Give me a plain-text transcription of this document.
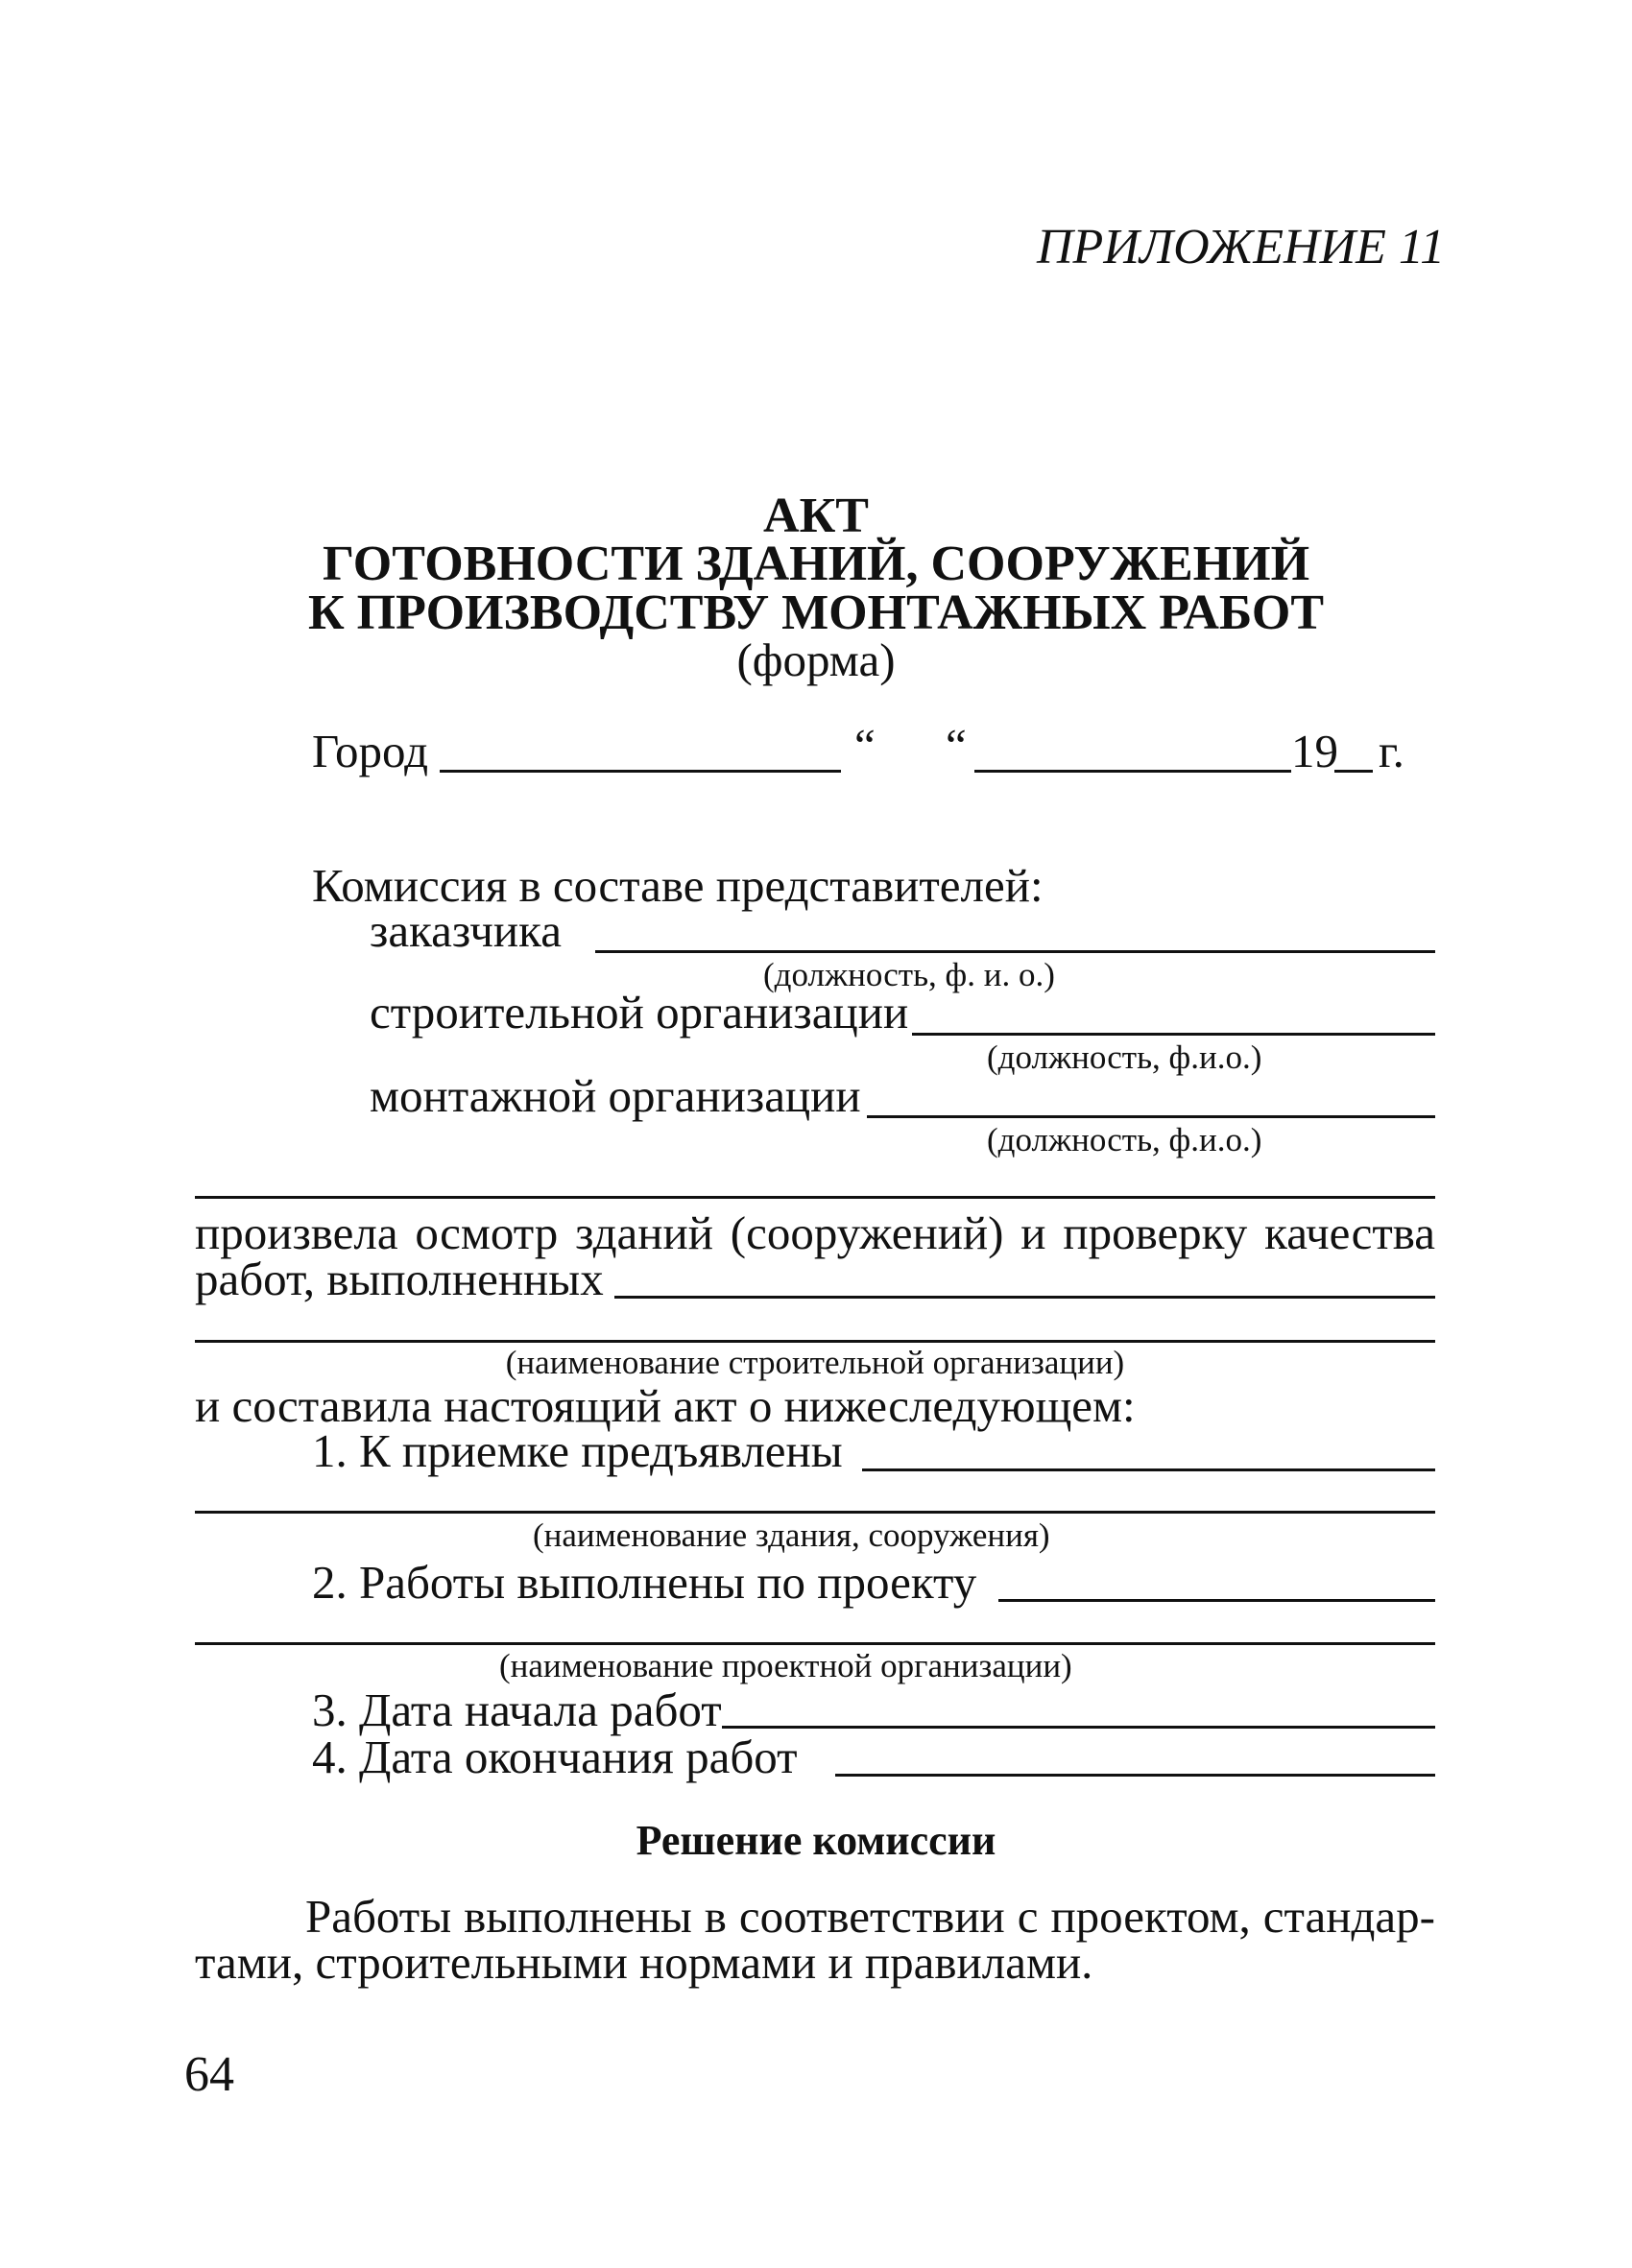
ПРИЛОЖЕНИЕ 11
АКТ
ГОТОВНОСТИ ЗДАНИЙ, СООРУЖЕНИЙ
К ПРОИЗВОДСТВУ МОНТАЖНЫХ РАБОТ
(форма)
Город	“ “	19 г.
Комиссия в составе представителей:
заказчика
(должность, ф. и. о.)
строительной организации
(должность, ф.и.о.)
монтажной организации
(должность, ф.и.о.)
произвела осмотр зданий (сооружений) и проверку качества
работ, выполненных
(наименование строительной организации)
и составила настоящий акт о нижеследующем:
1. К приемке предъявлены
(наименование здания, сооружения)
2. Работы выполнены по проекту
(наименование проектной организации)
3. Дата начала работ
4. Дата окончания работ
Решение комиссии
Работы выполнены в соответствии с проектом, стандар-
тами, строительными нормами и правилами.
64
